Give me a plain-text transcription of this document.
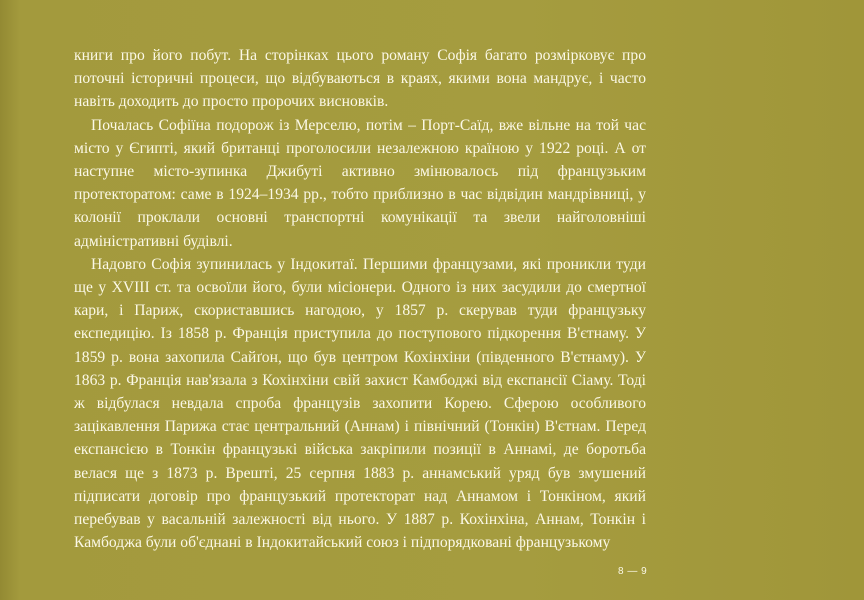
книги про його побут. На сторінках цього роману Софія багато розмірковує про поточні історичні процеси, що відбуваються в краях, якими вона мандрує, і часто навіть доходить до просто пророчих висновків.

Почалась Софіїна подорож із Мерселю, потім – Порт-Саїд, вже вільне на той час місто у Єгипті, який британці проголосили незалежною країною у 1922 році. А от наступне місто-зупинка Джибуті активно змінювалось під французьким протекторатом: саме в 1924–1934 рр., тобто приблизно в час відвідин мандрівниці, у колонії проклали основні транспортні комунікації та звели найголовніші адміністративні будівлі.

Надовго Софія зупинилась у Індокитаї. Першими французами, які проникли туди ще у XVIII ст. та освоїли його, були місіонери. Одного із них засудили до смертної кари, і Париж, скориставшись нагодою, у 1857 р. скерував туди французьку експедицію. Із 1858 р. Франція приступила до поступового підкорення В'єтнаму. У 1859 р. вона захопила Сайґон, що був центром Кохінхіни (південного В'єтнаму). У 1863 р. Франція нав'язала з Кохінхіни свій захист Камбоджі від експансії Сіаму. Тоді ж відбулася невдала спроба французів захопити Корею. Сферою особливого зацікавлення Парижа стає центральний (Аннам) і північний (Тонкін) В'єтнам. Перед експансією в Тонкін французькі війська закріпили позиції в Аннамі, де боротьба велася ще з 1873 р. Врешті, 25 серпня 1883 р. аннамський уряд був змушений підписати договір про французький протекторат над Аннамом і Тонкіном, який перебував у васальній залежності від нього. У 1887 р. Кохінхіна, Аннам, Тонкін і Камбоджа були об'єднані в Індокитайський союз і підпорядковані французькому

8 — 9
